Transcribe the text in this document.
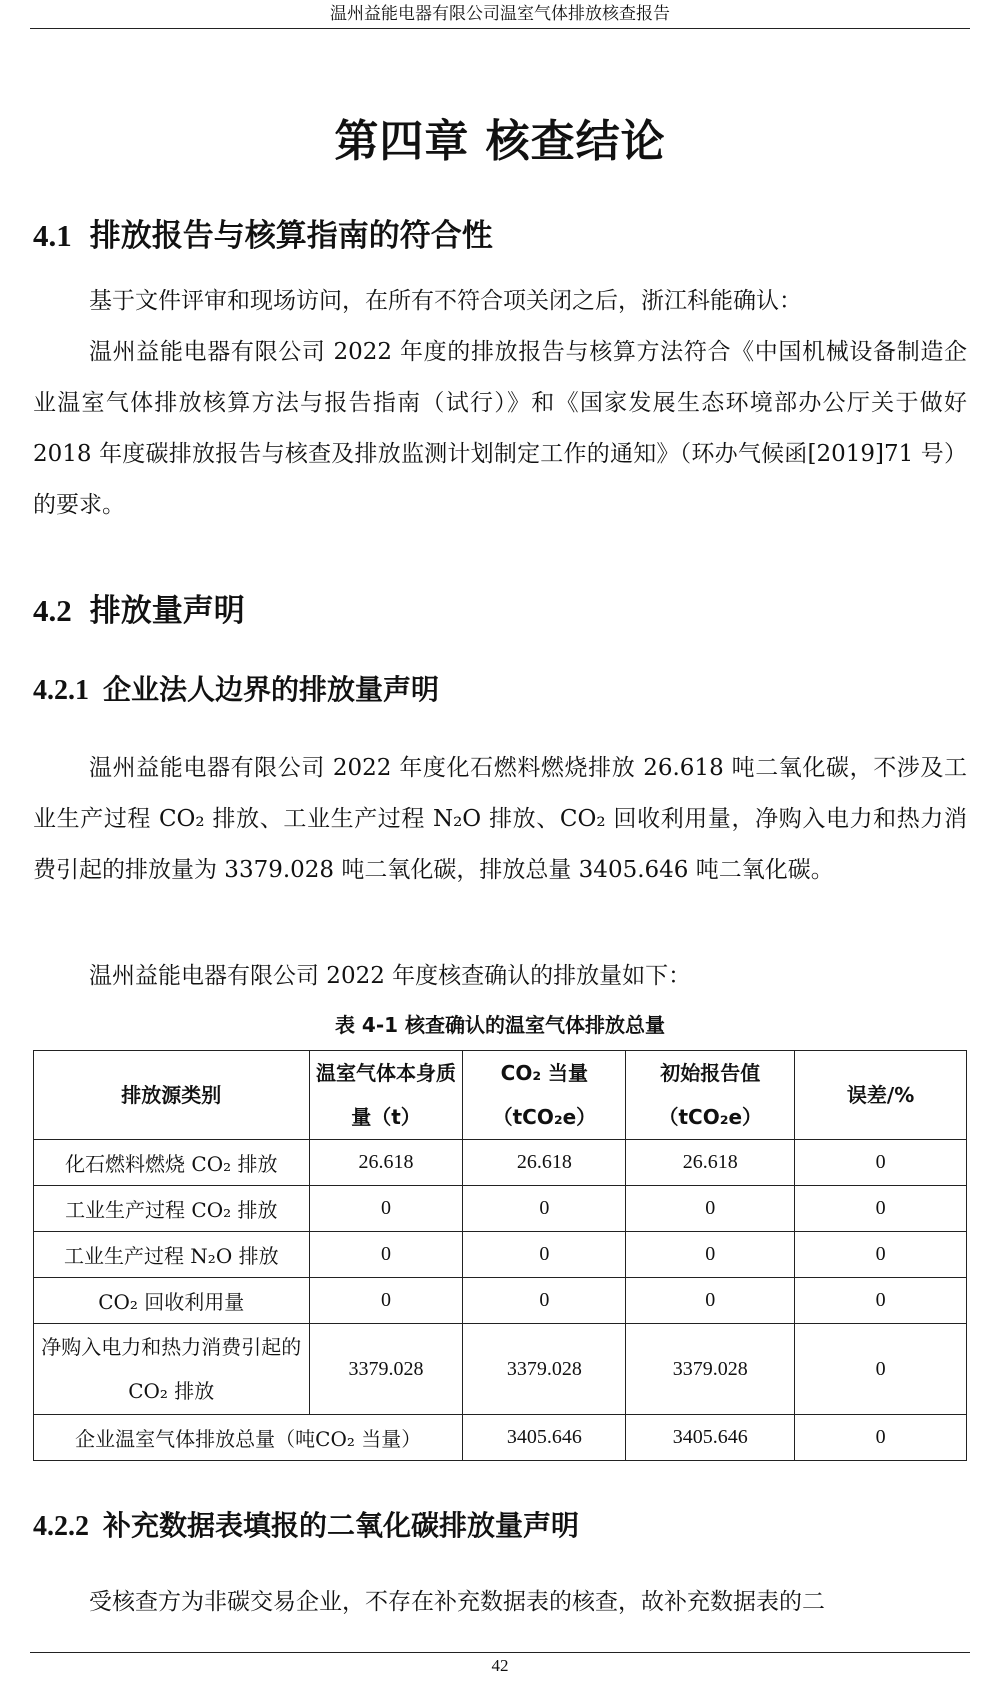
温州益能电器有限公司温室气体排放核查报告
第四章 核查结论
4.1 排放报告与核算指南的符合性
基于文件评审和现场访问，在所有不符合项关闭之后，浙江科能确认：
温州益能电器有限公司 2022 年度的排放报告与核算方法符合《中国机械设备制造企业温室气体排放核算方法与报告指南（试行）》和《国家发展生态环境部办公厅关于做好 2018 年度碳排放报告与核查及排放监测计划制定工作的通知》（环办气候函[2019]71 号）的要求。
4.2 排放量声明
4.2.1 企业法人边界的排放量声明
温州益能电器有限公司 2022 年度化石燃料燃烧排放 26.618 吨二氧化碳，不涉及工业生产过程 CO₂ 排放、工业生产过程 N₂O 排放、CO₂ 回收利用量，净购入电力和热力消费引起的排放量为 3379.028 吨二氧化碳，排放总量 3405.646 吨二氧化碳。
温州益能电器有限公司 2022 年度核查确认的排放量如下：
表 4-1 核查确认的温室气体排放总量
排放源类别	温室气体本身质量（t）	CO₂ 当量（tCO₂e）	初始报告值（tCO₂e）	误差/%
化石燃料燃烧 CO₂ 排放	26.618	26.618	26.618	0
工业生产过程 CO₂ 排放	0	0	0	0
工业生产过程 N₂O 排放	0	0	0	0
CO₂ 回收利用量	0	0	0	0
净购入电力和热力消费引起的 CO₂ 排放	3379.028	3379.028	3379.028	0
企业温室气体排放总量（吨CO₂ 当量）		3405.646	3405.646	0
4.2.2 补充数据表填报的二氧化碳排放量声明
受核查方为非碳交易企业，不存在补充数据表的核查，故补充数据表的二
42
